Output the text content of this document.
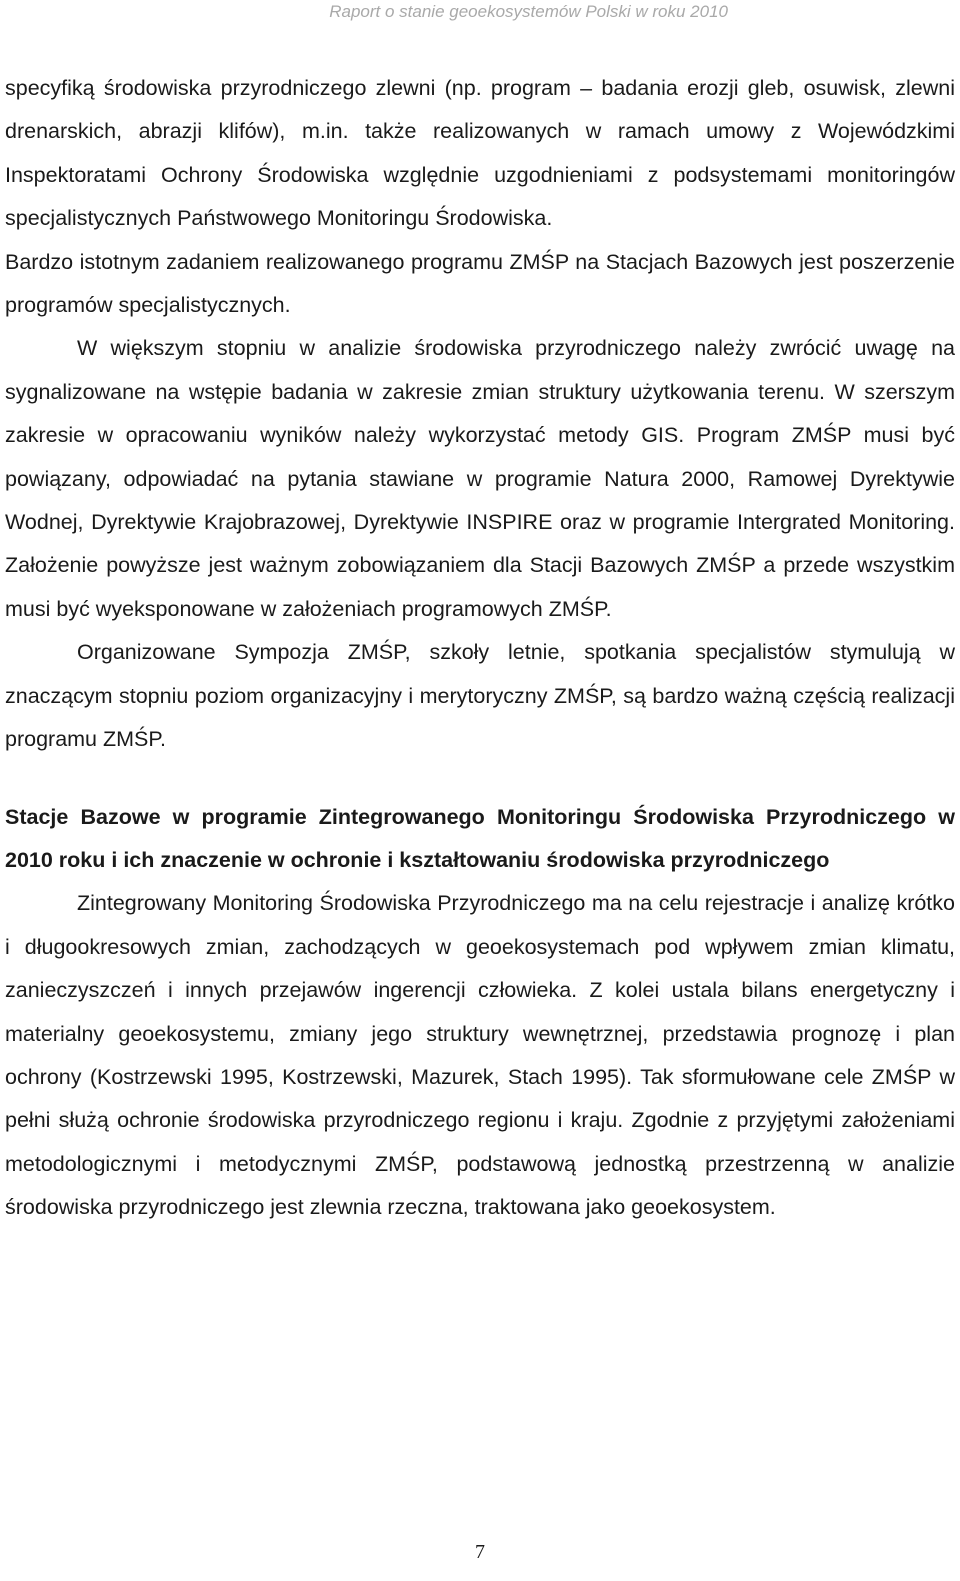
Raport o stanie geoekosystemów Polski w roku 2010

specyfiką środowiska przyrodniczego zlewni (np. program – badania erozji gleb, osuwisk, zlewni drenarskich, abrazji klifów), m.in. także realizowanych w ramach umowy z Wojewódzkimi Inspektoratami Ochrony Środowiska względnie uzgodnieniami z podsystemami monitoringów specjalistycznych Państwowego Monitoringu Środowiska.

Bardzo istotnym zadaniem realizowanego programu ZMŚP na Stacjach Bazowych jest poszerzenie programów specjalistycznych.

W większym stopniu w analizie środowiska przyrodniczego należy zwrócić uwagę na sygnalizowane na wstępie badania w zakresie zmian struktury użytkowania terenu. W szerszym zakresie w opracowaniu wyników należy wykorzystać metody GIS. Program ZMŚP musi być powiązany, odpowiadać na pytania stawiane w programie Natura 2000, Ramowej Dyrektywie Wodnej, Dyrektywie Krajobrazowej, Dyrektywie INSPIRE oraz w programie Intergrated Monitoring. Założenie powyższe jest ważnym zobowiązaniem dla Stacji Bazowych ZMŚP a przede wszystkim musi być wyeksponowane w założeniach programowych ZMŚP.

Organizowane Sympozja ZMŚP, szkoły letnie, spotkania specjalistów stymulują w znaczącym stopniu poziom organizacyjny i merytoryczny ZMŚP, są bardzo ważną częścią realizacji programu ZMŚP.

Stacje Bazowe w programie Zintegrowanego Monitoringu Środowiska Przyrodniczego w 2010 roku i ich znaczenie w ochronie i kształtowaniu środowiska przyrodniczego

Zintegrowany Monitoring Środowiska Przyrodniczego ma na celu rejestracje i analizę krótko i długookresowych zmian, zachodzących w geoekosystemach pod wpływem zmian klimatu, zanieczyszczeń i innych przejawów ingerencji człowieka. Z kolei ustala bilans energetyczny i materialny geoekosystemu, zmiany jego struktury wewnętrznej, przedstawia prognozę i plan ochrony (Kostrzewski 1995, Kostrzewski, Mazurek, Stach 1995). Tak sformułowane cele ZMŚP w pełni służą ochronie środowiska przyrodniczego regionu i kraju. Zgodnie z przyjętymi założeniami metodologicznymi i metodycznymi ZMŚP, podstawową jednostką przestrzenną w analizie środowiska przyrodniczego jest zlewnia rzeczna, traktowana jako geoekosystem.

7
